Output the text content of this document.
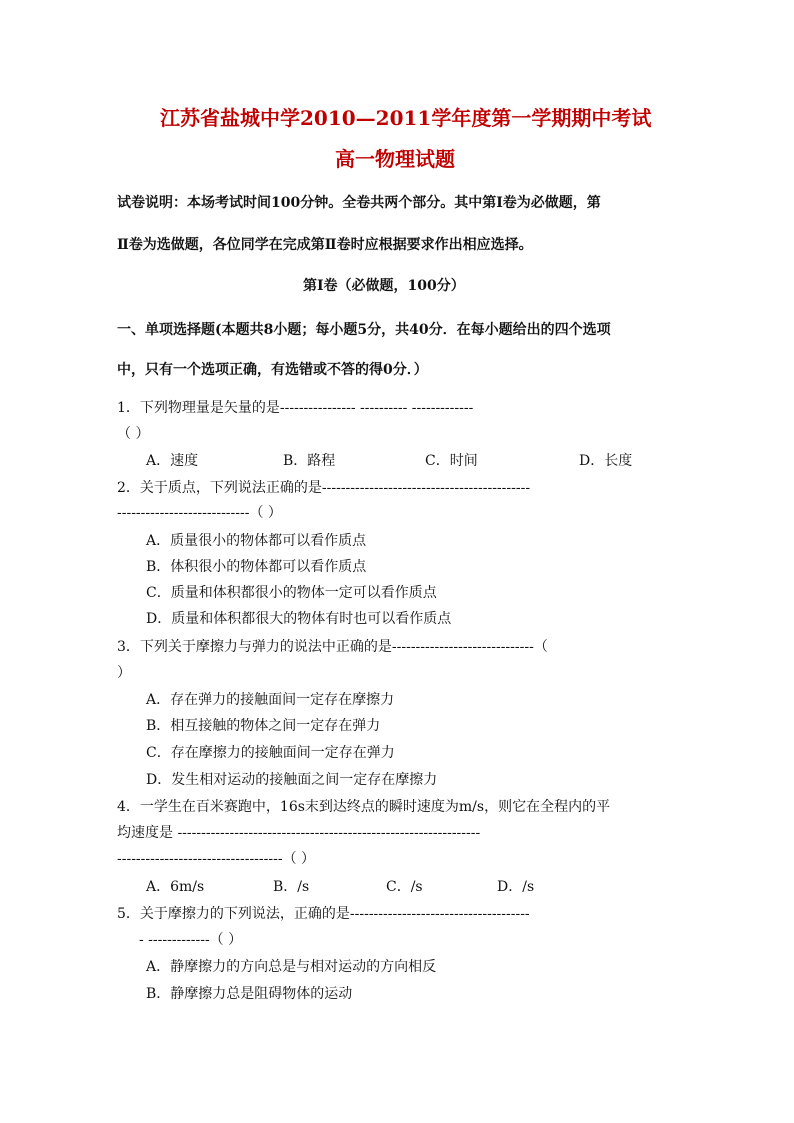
江苏省盐城中学2010—2011学年度第一学期期中考试
高一物理试题
试卷说明：本场考试时间100分钟。全卷共两个部分。其中第Ⅰ卷为必做题，第
Ⅱ卷为选做题，各位同学在完成第Ⅱ卷时应根据要求作出相应选择。
第Ⅰ卷（必做题，100分）
一、单项选择题(本题共8小题；每小题5分，共40分．在每小题给出的四个选项
中，只有一个选项正确，有选错或不答的得0分．）
1．下列物理量是矢量的是---------------- ---------- -------------
（ ）
A．速度	B．路程	C．时间	D．长度
2．关于质点，下列说法正确的是--------------------------------------------
----------------------------（ ）
A．质量很小的物体都可以看作质点
B．体积很小的物体都可以看作质点
C．质量和体积都很小的物体一定可以看作质点
D．质量和体积都很大的物体有时也可以看作质点
3．下列关于摩擦力与弹力的说法中正确的是------------------------------（
）
A．存在弹力的接触面间一定存在摩擦力
B．相互接触的物体之间一定存在弹力
C．存在摩擦力的接触面间一定存在弹力
D．发生相对运动的接触面之间一定存在摩擦力
4．一学生在百米赛跑中，16s末到达终点的瞬时速度为m/s，则它在全程内的平
均速度是 ----------------------------------------------------------------
-----------------------------------（ ）
A．6m/s	B．/s	C．/s	D．/s
5．关于摩擦力的下列说法，正确的是--------------------------------------
- -------------（ ）
A．静摩擦力的方向总是与相对运动的方向相反
B．静摩擦力总是阻碍物体的运动
